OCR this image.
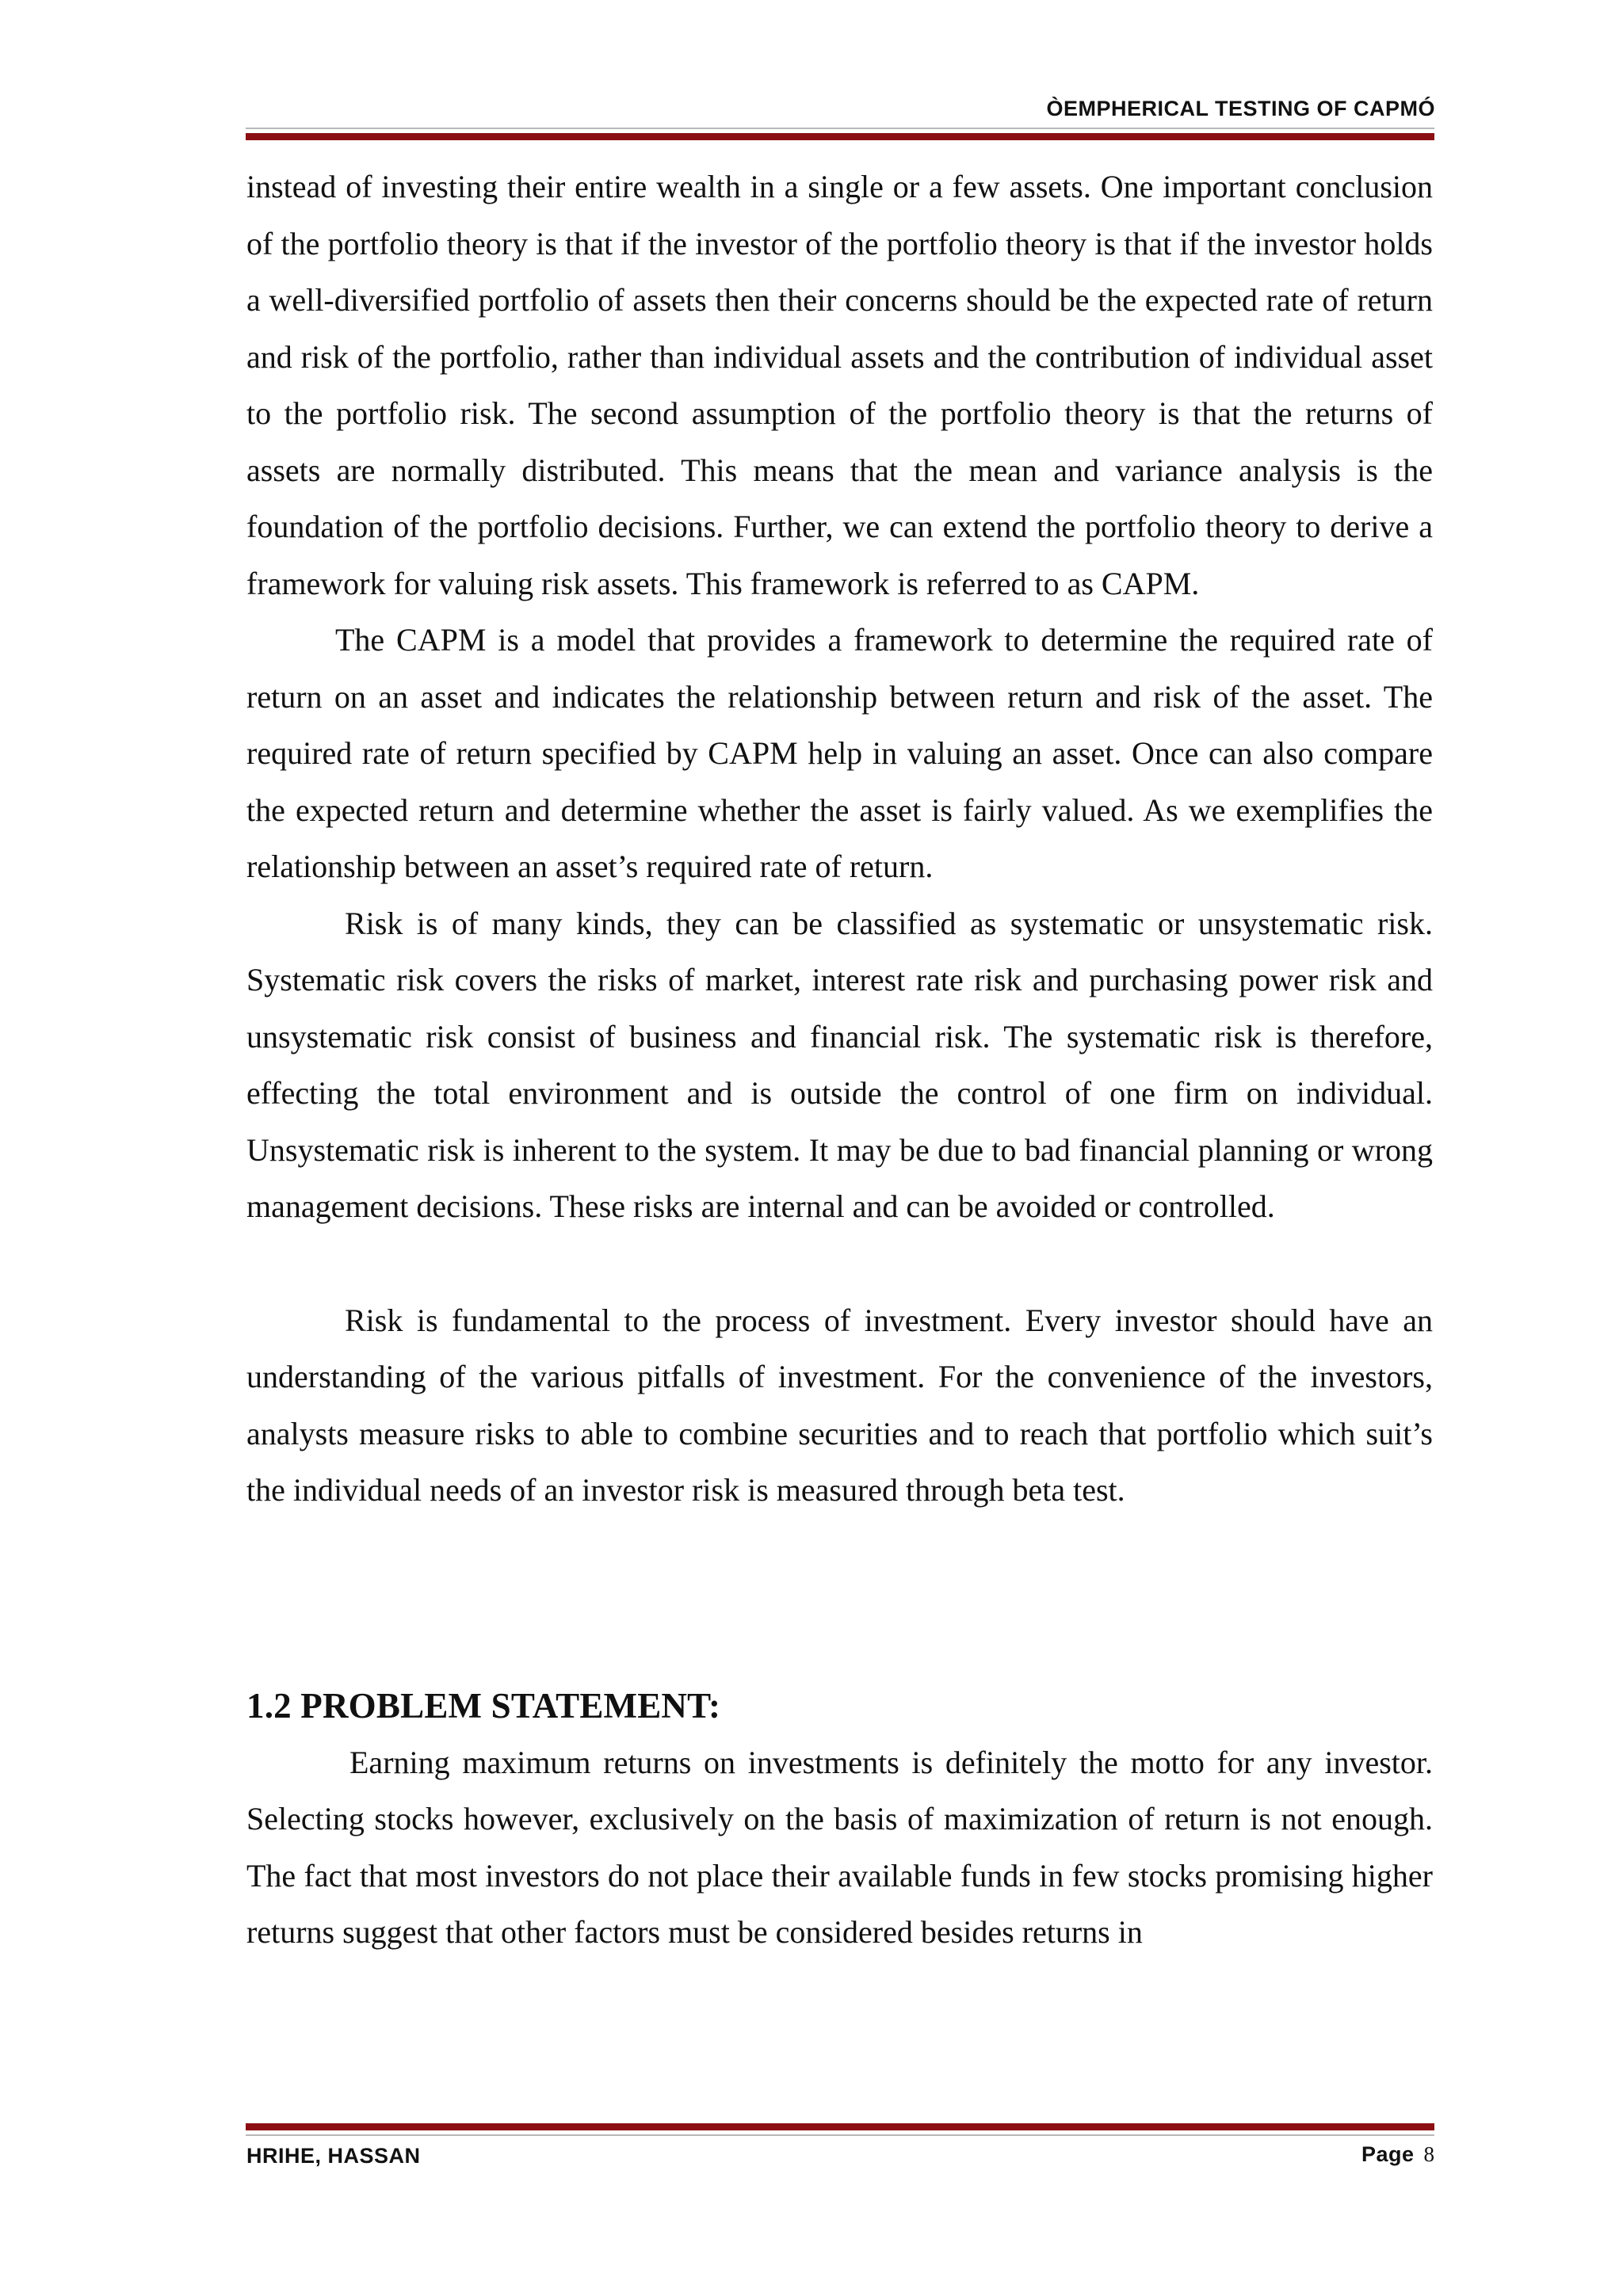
ÒEMPHERICAL TESTING OF CAPMÓ

instead of investing their entire wealth in a single or a few assets. One important conclusion of the portfolio theory is that if the investor of the portfolio theory is that if the investor holds a well-diversified portfolio of assets then their concerns should be the expected rate of return and risk of the portfolio, rather than individual assets and the contribution of individual asset to the portfolio risk. The second assumption of the portfolio theory is that the returns of assets are normally distributed. This means that the mean and variance analysis is the foundation of the portfolio decisions. Further, we can extend the portfolio theory to derive a framework for valuing risk assets. This framework is referred to as CAPM.

The CAPM is a model that provides a framework to determine the required rate of return on an asset and indicates the relationship between return and risk of the asset. The required rate of return specified by CAPM help in valuing an asset. Once can also compare the expected return and determine whether the asset is fairly valued. As we exemplifies the relationship between an asset’s required rate of return.

Risk is of many kinds, they can be classified as systematic or unsystematic risk. Systematic risk covers the risks of market, interest rate risk and purchasing power risk and unsystematic risk consist of business and financial risk. The systematic risk is therefore, effecting the total environment and is outside the control of one firm on individual. Unsystematic risk is inherent to the system. It may be due to bad financial planning or wrong management decisions. These risks are internal and can be avoided or controlled.

Risk is fundamental to the process of investment. Every investor should have an understanding of the various pitfalls of investment. For the convenience of the investors, analysts measure risks to able to combine securities and to reach that portfolio which suit’s the individual needs of an investor risk is measured through beta test.

1.2 PROBLEM STATEMENT:

Earning maximum returns on investments is definitely the motto for any investor. Selecting stocks however, exclusively on the basis of maximization of return is not enough. The fact that most investors do not place their available funds in few stocks promising higher returns suggest that other factors must be considered besides returns in

HRIHE, HASSAN	Page 8
